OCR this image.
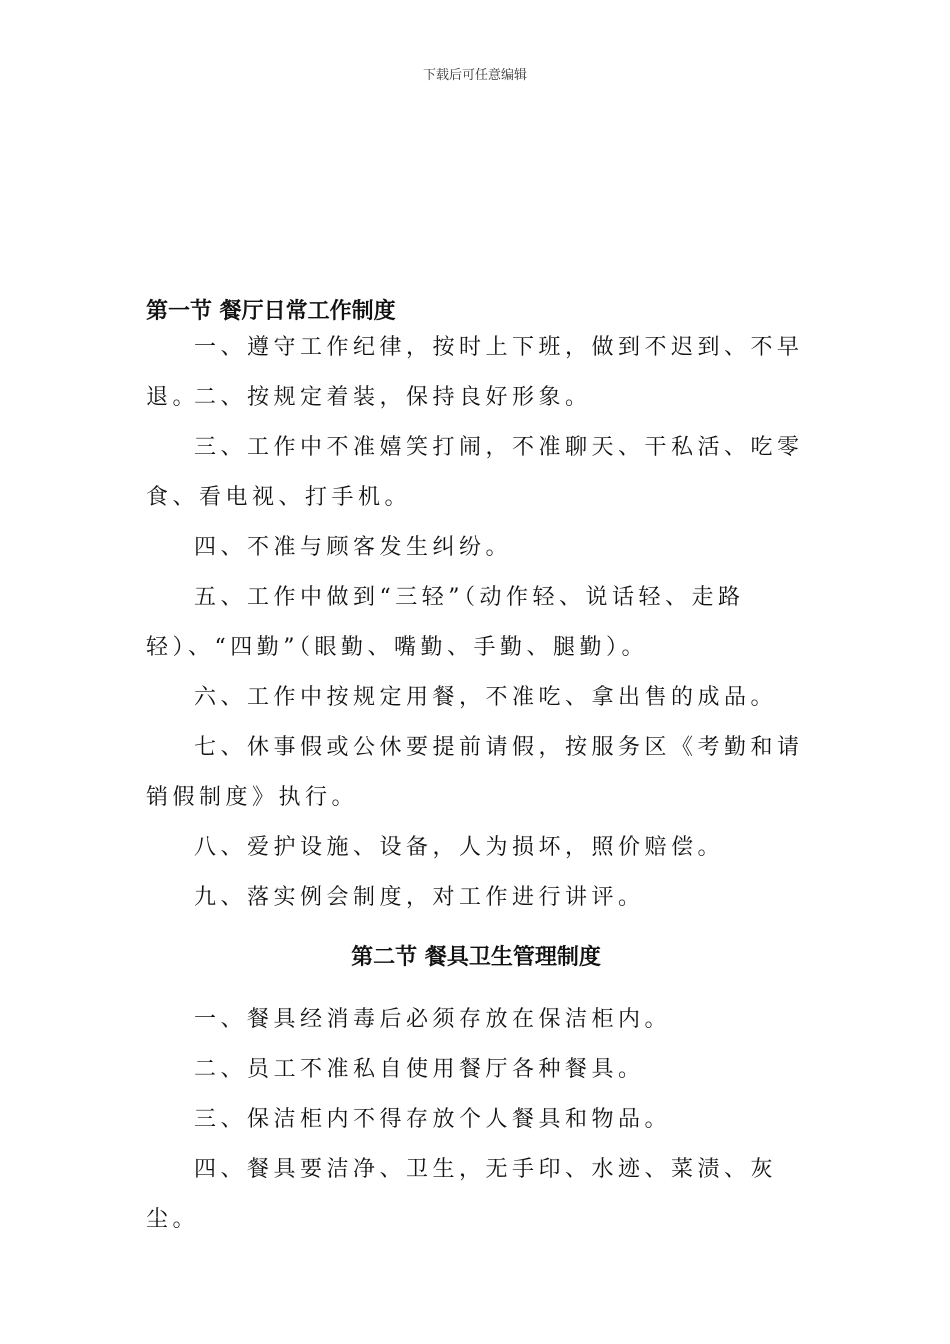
下载后可任意编辑
第一节 餐厅日常工作制度
一、遵守工作纪律，按时上下班，做到不迟到、不早退。
二、按规定着装，保持良好形象。
三、工作中不准嬉笑打闹，不准聊天、干私活、吃零食、看电视、打手机。
四、不准与顾客发生纠纷。
五、工作中做到“三轻”（动作轻、说话轻、走路轻）、“四勤”（眼勤、嘴勤、手勤、腿勤）。
六、工作中按规定用餐，不准吃、拿出售的成品。
七、休事假或公休要提前请假，按服务区《考勤和请销假制度》执行。
八、爱护设施、设备，人为损坏，照价赔偿。
九、落实例会制度，对工作进行讲评。
第二节 餐具卫生管理制度
一、餐具经消毒后必须存放在保洁柜内。
二、员工不准私自使用餐厅各种餐具。
三、保洁柜内不得存放个人餐具和物品。
四、餐具要洁净、卫生，无手印、水迹、菜渍、灰尘。
